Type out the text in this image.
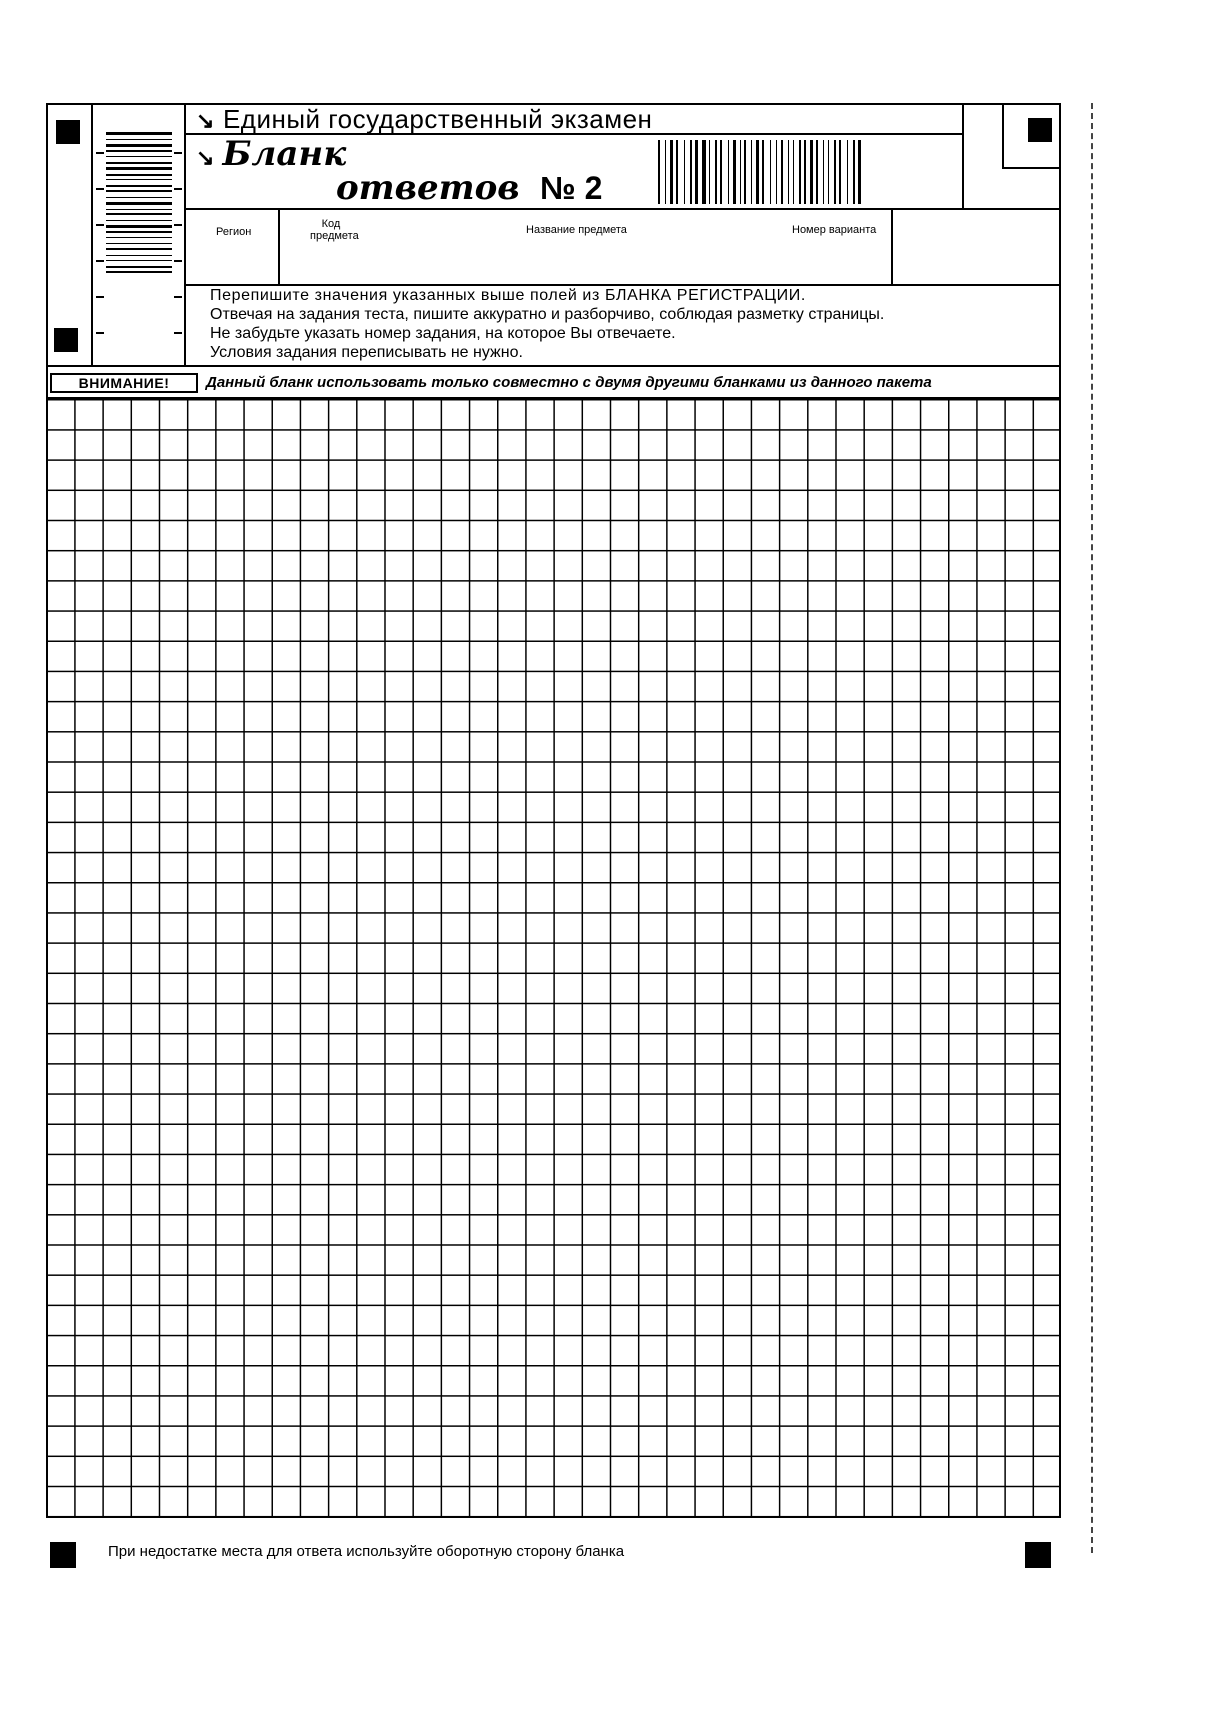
↘ Единый государственный экзамен
↘ Бланк
ответов № 2
Регион
Код предмета	Название предмета	Номер варианта
Перепишите значения указанных выше полей из БЛАНКА РЕГИСТРАЦИИ.
Отвечая на задания теста, пишите аккуратно и разборчиво, соблюдая разметку страницы.
Не забудьте указать номер задания, на которое Вы отвечаете.
Условия задания переписывать не нужно.
ВНИМАНИЕ!	Данный бланк использовать только совместно с двумя другими бланками из данного пакета
При недостатке места для ответа используйте оборотную сторону бланка
